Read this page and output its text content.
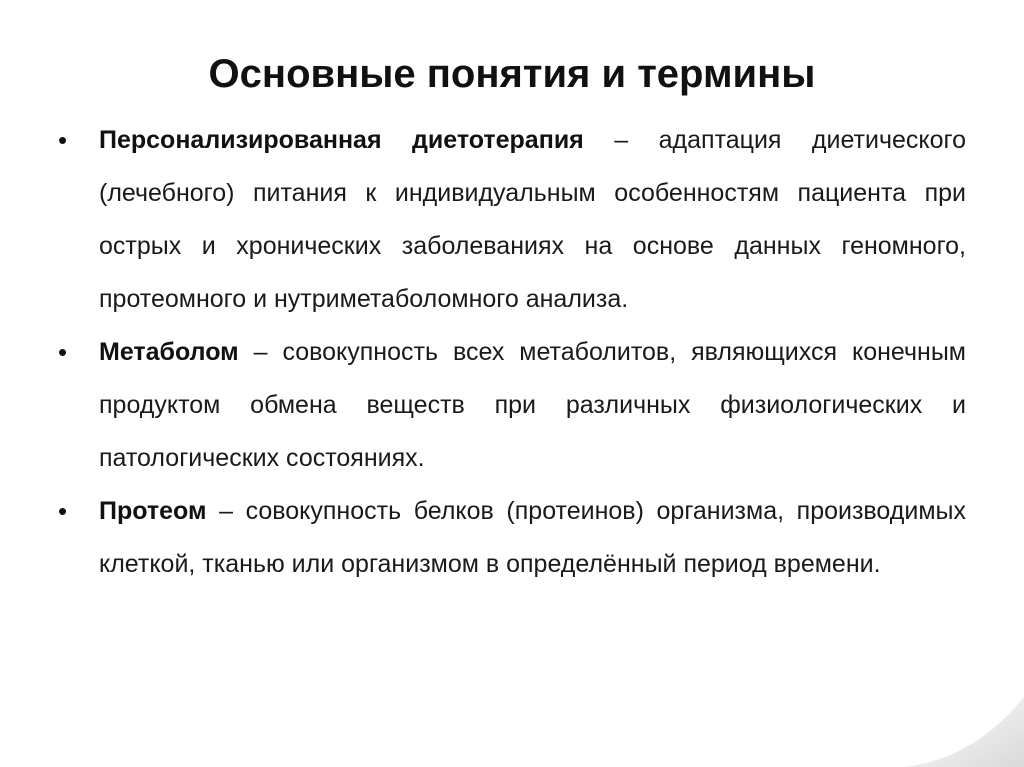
Основные понятия и термины
• Персонализированная диетотерапия – адаптация диетического (лечебного) питания к индивидуальным особенностям пациента при острых и хронических заболеваниях на основе данных геномного, протеомного и нутриметаболомного анализа.
• Метаболом – совокупность всех метаболитов, являющихся конечным продуктом обмена веществ при различных физиологических и патологических состояниях.
• Протеом – совокупность белков (протеинов) организма, производимых клеткой, тканью или организмом в определённый период времени.
